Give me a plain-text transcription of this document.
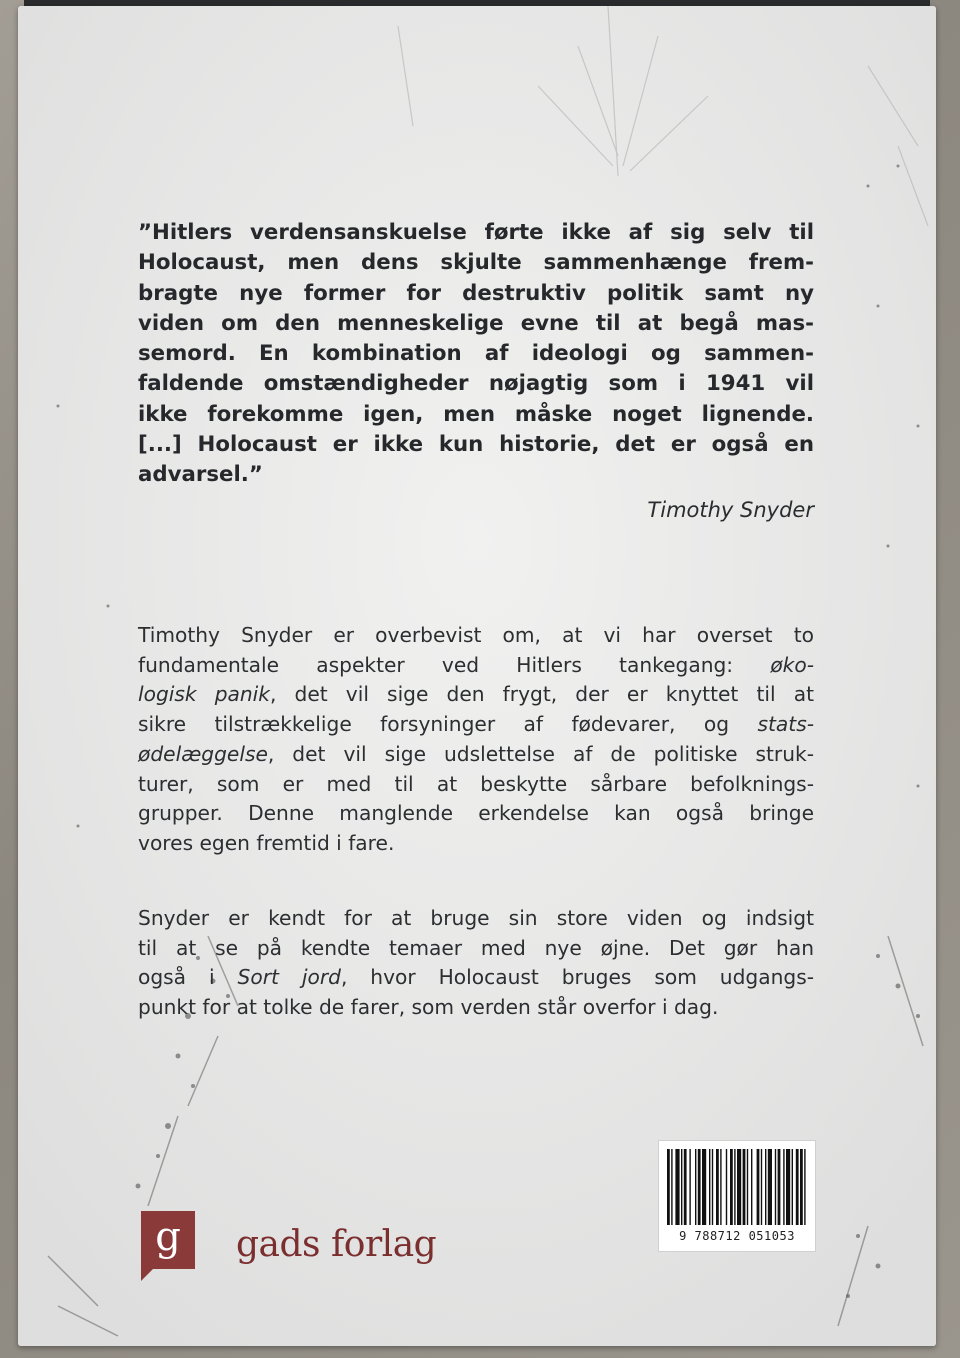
”Hitlers verdensanskuelse førte ikke af sig selv til
Holocaust, men dens skjulte sammenhænge frem-
bragte nye former for destruktiv politik samt ny
viden om den menneskelige evne til at begå mas-
semord. En kombination af ideologi og sammen-
faldende omstændigheder nøjagtig som i 1941 vil
ikke forekomme igen, men måske noget lignende.
[...] Holocaust er ikke kun historie, det er også en
advarsel.”
Timothy Snyder
Timothy Snyder er overbevist om, at vi har overset to
fundamentale aspekter ved Hitlers tankegang: øko-
logisk panik, det vil sige den frygt, der er knyttet til at
sikre tilstrækkelige forsyninger af fødevarer, og stats-
ødelæggelse, det vil sige udslettelse af de politiske struk-
turer, som er med til at beskytte sårbare befolknings-
grupper. Denne manglende erkendelse kan også bringe
vores egen fremtid i fare.
Snyder er kendt for at bruge sin store viden og indsigt
til at se på kendte temaer med nye øjne. Det gør han
også i Sort jord, hvor Holocaust bruges som udgangs-
punkt for at tolke de farer, som verden står overfor i dag.
g	gads forlag	9 788712 051053
